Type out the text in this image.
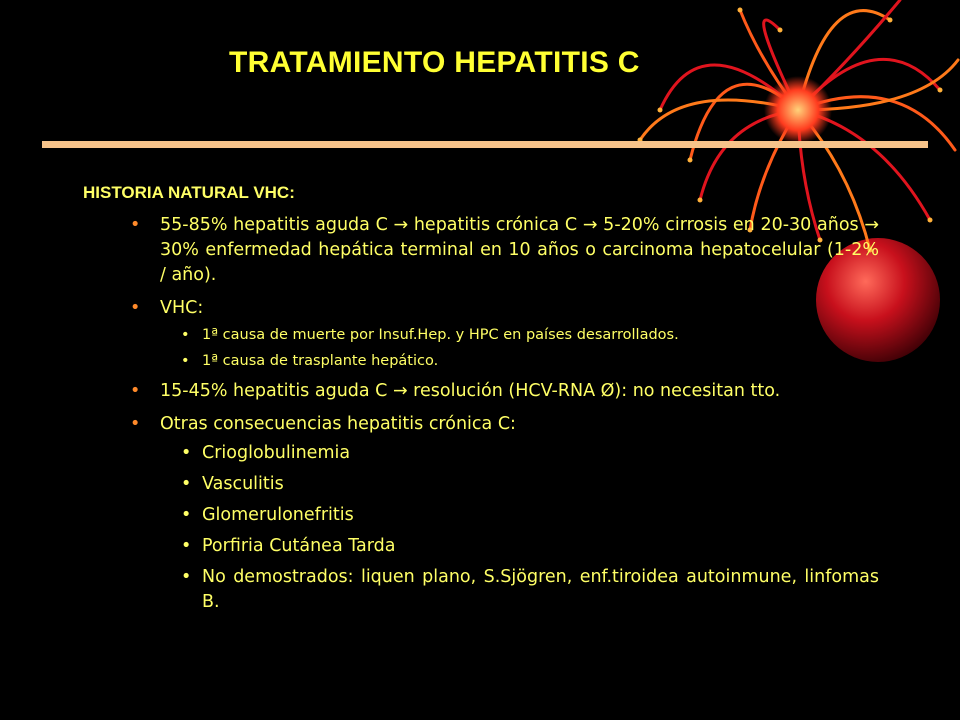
TRATAMIENTO HEPATITIS C
HISTORIA NATURAL VHC:
• 55-85% hepatitis aguda C → hepatitis crónica C → 5-20% cirrosis en 20-30 años → 30% enfermedad hepática terminal en 10 años o carcinoma hepatocelular (1-2% / año).
• VHC:
• 1ª causa de muerte por Insuf.Hep. y HPC en países desarrollados.
• 1ª causa de trasplante hepático.
• 15-45% hepatitis aguda C → resolución (HCV-RNA Ø): no necesitan tto.
• Otras consecuencias hepatitis crónica C:
• Crioglobulinemia
• Vasculitis
• Glomerulonefritis
• Porfiria Cutánea Tarda
• No demostrados: liquen plano, S.Sjögren, enf.tiroidea autoinmune, linfomas B.
